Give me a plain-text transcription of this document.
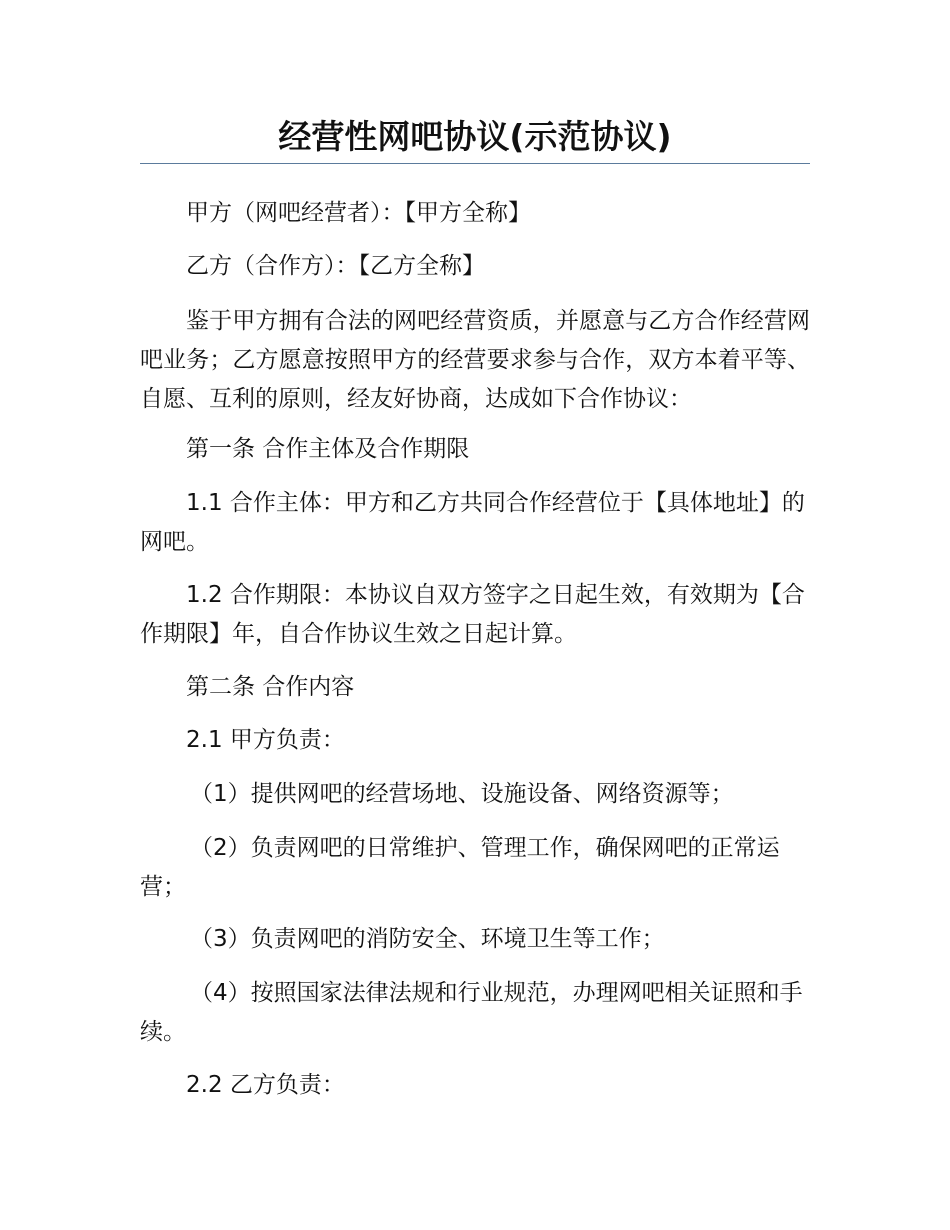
经营性网吧协议(示范协议)

甲方（网吧经营者）：【甲方全称】

乙方（合作方）：【乙方全称】

鉴于甲方拥有合法的网吧经营资质，并愿意与乙方合作经营网吧业务；乙方愿意按照甲方的经营要求参与合作，双方本着平等、自愿、互利的原则，经友好协商，达成如下合作协议：

第一条 合作主体及合作期限

1.1 合作主体：甲方和乙方共同合作经营位于【具体地址】的网吧。

1.2 合作期限：本协议自双方签字之日起生效，有效期为【合作期限】年，自合作协议生效之日起计算。

第二条 合作内容

2.1 甲方负责：

（1）提供网吧的经营场地、设施设备、网络资源等；

（2）负责网吧的日常维护、管理工作，确保网吧的正常运营；

（3）负责网吧的消防安全、环境卫生等工作；

（4）按照国家法律法规和行业规范，办理网吧相关证照和手续。

2.2 乙方负责：
